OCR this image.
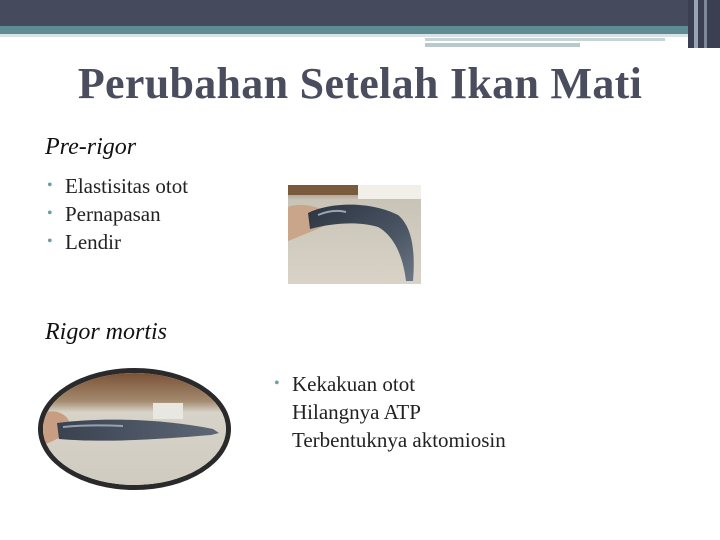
Perubahan Setelah Ikan Mati
Pre-rigor
• Elastisitas otot
• Pernapasan
• Lendir
Rigor mortis
• Kekakuan otot
Hilangnya ATP
Terbentuknya aktomiosin
